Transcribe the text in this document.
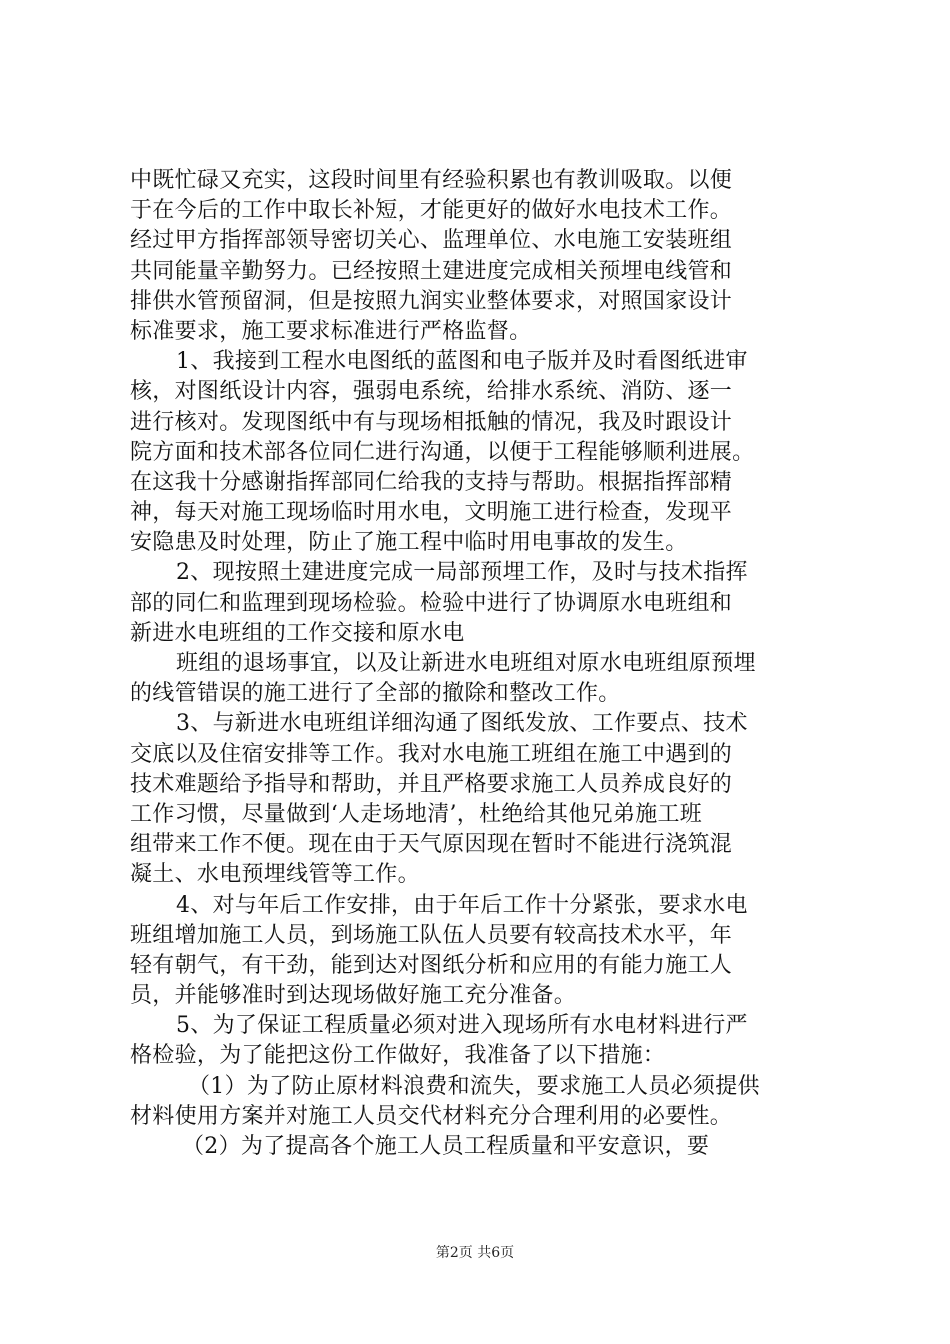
中既忙碌又充实，这段时间里有经验积累也有教训吸取。以便
于在今后的工作中取长补短，才能更好的做好水电技术工作。
经过甲方指挥部领导密切关心、监理单位、水电施工安装班组
共同能量辛勤努力。已经按照土建进度完成相关预埋电线管和
排供水管预留洞，但是按照九润实业整体要求，对照国家设计
标准要求，施工要求标准进行严格监督。
1、我接到工程水电图纸的蓝图和电子版并及时看图纸进审
核，对图纸设计内容，强弱电系统，给排水系统、消防、逐一
进行核对。发现图纸中有与现场相抵触的情况，我及时跟设计
院方面和技术部各位同仁进行沟通，以便于工程能够顺利进展。
在这我十分感谢指挥部同仁给我的支持与帮助。根据指挥部精
神，每天对施工现场临时用水电，文明施工进行检查，发现平
安隐患及时处理，防止了施工程中临时用电事故的发生。
2、现按照土建进度完成一局部预埋工作，及时与技术指挥
部的同仁和监理到现场检验。检验中进行了协调原水电班组和
新进水电班组的工作交接和原水电
班组的退场事宜，以及让新进水电班组对原水电班组原预埋
的线管错误的施工进行了全部的撤除和整改工作。
3、与新进水电班组详细沟通了图纸发放、工作要点、技术
交底以及住宿安排等工作。我对水电施工班组在施工中遇到的
技术难题给予指导和帮助，并且严格要求施工人员养成良好的
工作习惯，尽量做到‘人走场地清’，杜绝给其他兄弟施工班
组带来工作不便。现在由于天气原因现在暂时不能进行浇筑混
凝土、水电预埋线管等工作。
4、对与年后工作安排，由于年后工作十分紧张，要求水电
班组增加施工人员，到场施工队伍人员要有较高技术水平，年
轻有朝气，有干劲，能到达对图纸分析和应用的有能力施工人
员，并能够准时到达现场做好施工充分准备。
5、为了保证工程质量必须对进入现场所有水电材料进行严
格检验，为了能把这份工作做好，我准备了以下措施：
（1）为了防止原材料浪费和流失，要求施工人员必须提供
材料使用方案并对施工人员交代材料充分合理利用的必要性。
（2）为了提高各个施工人员工程质量和平安意识，要
第2页 共6页
